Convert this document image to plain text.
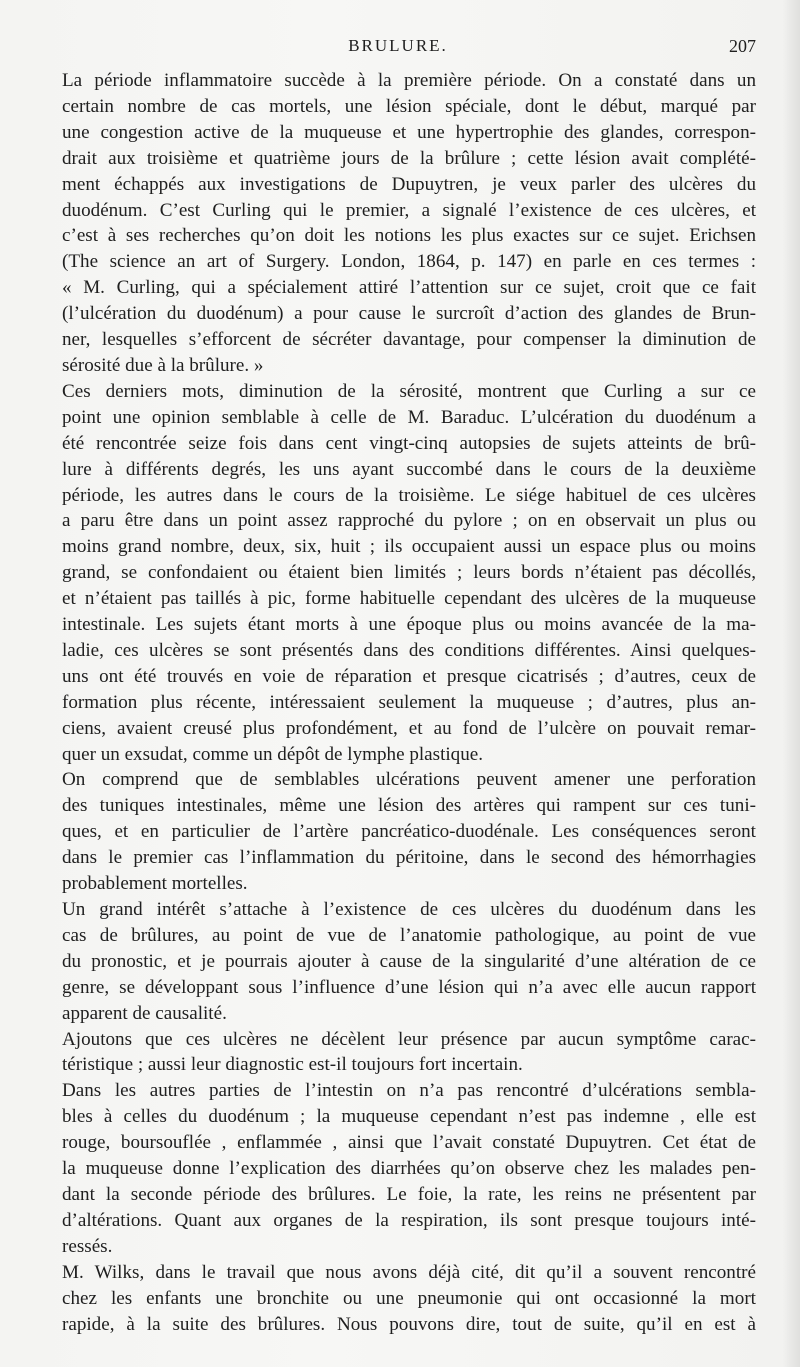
BRULURE.	207

La période inflammatoire succède à la première période. On a constaté dans un
certain nombre de cas mortels, une lésion spéciale, dont le début, marqué par
une congestion active de la muqueuse et une hypertrophie des glandes, correspon-
drait aux troisième et quatrième jours de la brûlure ; cette lésion avait complété-
ment échappés aux investigations de Dupuytren, je veux parler des ulcères du
duodénum. C’est Curling qui le premier, a signalé l’existence de ces ulcères, et
c’est à ses recherches qu’on doit les notions les plus exactes sur ce sujet. Erichsen
(The science an art of Surgery. London, 1864, p. 147) en parle en ces termes :
« M. Curling, qui a spécialement attiré l’attention sur ce sujet, croit que ce fait
(l’ulcération du duodénum) a pour cause le surcroît d’action des glandes de Brun-
ner, lesquelles s’efforcent de sécréter davantage, pour compenser la diminution de
sérosité due à la brûlure. »

Ces derniers mots, diminution de la sérosité, montrent que Curling a sur ce
point une opinion semblable à celle de M. Baraduc. L’ulcération du duodénum a
été rencontrée seize fois dans cent vingt-cinq autopsies de sujets atteints de brû-
lure à différents degrés, les uns ayant succombé dans le cours de la deuxième
période, les autres dans le cours de la troisième. Le siége habituel de ces ulcères
a paru être dans un point assez rapproché du pylore ; on en observait un plus ou
moins grand nombre, deux, six, huit ; ils occupaient aussi un espace plus ou moins
grand, se confondaient ou étaient bien limités ; leurs bords n’étaient pas décollés,
et n’étaient pas taillés à pic, forme habituelle cependant des ulcères de la muqueuse
intestinale. Les sujets étant morts à une époque plus ou moins avancée de la ma-
ladie, ces ulcères se sont présentés dans des conditions différentes. Ainsi quelques-
uns ont été trouvés en voie de réparation et presque cicatrisés ; d’autres, ceux de
formation plus récente, intéressaient seulement la muqueuse ; d’autres, plus an-
ciens, avaient creusé plus profondément, et au fond de l’ulcère on pouvait remar-
quer un exsudat, comme un dépôt de lymphe plastique.

On comprend que de semblables ulcérations peuvent amener une perforation
des tuniques intestinales, même une lésion des artères qui rampent sur ces tuni-
ques, et en particulier de l’artère pancréatico-duodénale. Les conséquences seront
dans le premier cas l’inflammation du péritoine, dans le second des hémorrhagies
probablement mortelles.

Un grand intérêt s’attache à l’existence de ces ulcères du duodénum dans les
cas de brûlures, au point de vue de l’anatomie pathologique, au point de vue
du pronostic, et je pourrais ajouter à cause de la singularité d’une altération de ce
genre, se développant sous l’influence d’une lésion qui n’a avec elle aucun rapport
apparent de causalité.

Ajoutons que ces ulcères ne décèlent leur présence par aucun symptôme carac-
téristique ; aussi leur diagnostic est-il toujours fort incertain.

Dans les autres parties de l’intestin on n’a pas rencontré d’ulcérations sembla-
bles à celles du duodénum ; la muqueuse cependant n’est pas indemne , elle est
rouge, boursouflée , enflammée , ainsi que l’avait constaté Dupuytren. Cet état de
la muqueuse donne l’explication des diarrhées qu’on observe chez les malades pen-
dant la seconde période des brûlures. Le foie, la rate, les reins ne présentent par
d’altérations. Quant aux organes de la respiration, ils sont presque toujours inté-
ressés.

M. Wilks, dans le travail que nous avons déjà cité, dit qu’il a souvent rencontré
chez les enfants une bronchite ou une pneumonie qui ont occasionné la mort
rapide, à la suite des brûlures. Nous pouvons dire, tout de suite, qu’il en est à
